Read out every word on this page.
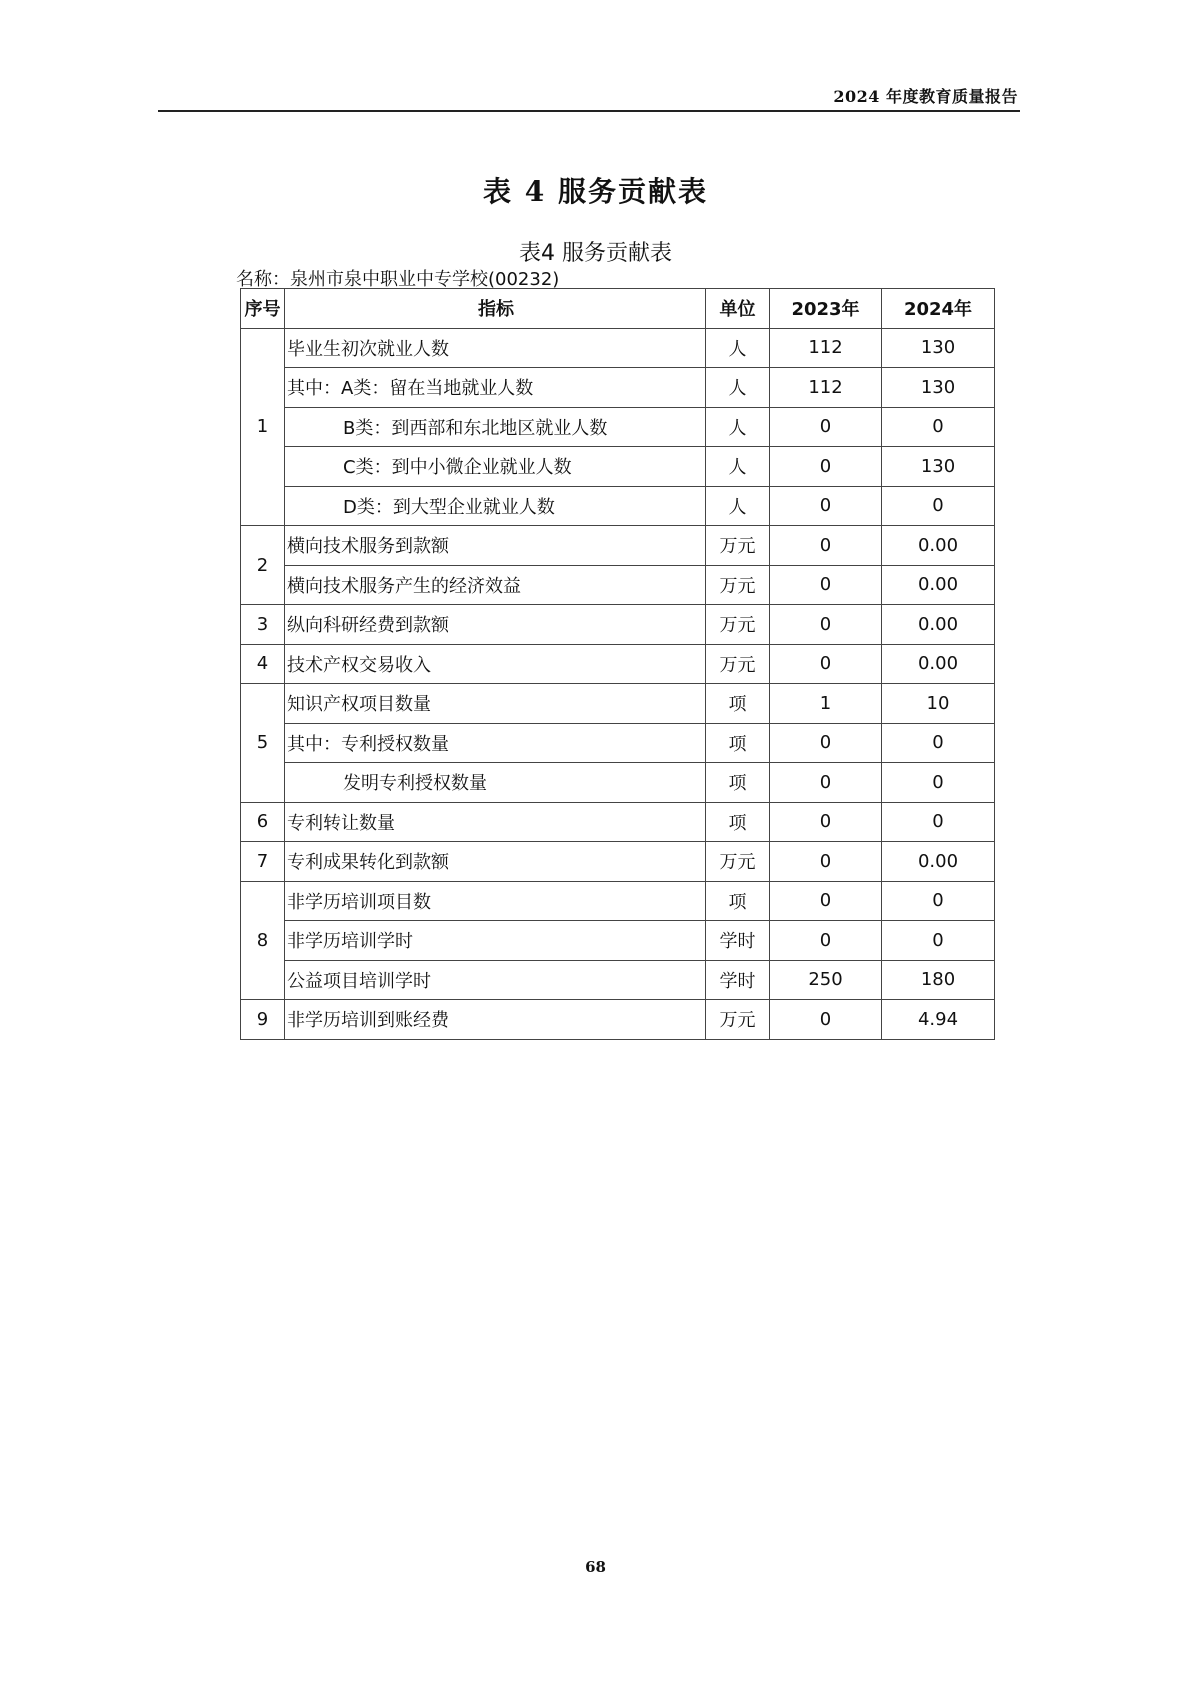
2024 年度教育质量报告
表 4 服务贡献表
表4 服务贡献表
名称：泉州市泉中职业中专学校(00232)
序号	指标	单位	2023年	2024年
1	毕业生初次就业人数	人	112	130
	其中：A类：留在当地就业人数	人	112	130
	B类：到西部和东北地区就业人数	人	0	0
	C类：到中小微企业就业人数	人	0	130
	D类：到大型企业就业人数	人	0	0
2	横向技术服务到款额	万元	0	0.00
	横向技术服务产生的经济效益	万元	0	0.00
3	纵向科研经费到款额	万元	0	0.00
4	技术产权交易收入	万元	0	0.00
5	知识产权项目数量	项	1	10
	其中：专利授权数量	项	0	0
	发明专利授权数量	项	0	0
6	专利转让数量	项	0	0
7	专利成果转化到款额	万元	0	0.00
8	非学历培训项目数	项	0	0
	非学历培训学时	学时	0	0
	公益项目培训学时	学时	250	180
9	非学历培训到账经费	万元	0	4.94
68
